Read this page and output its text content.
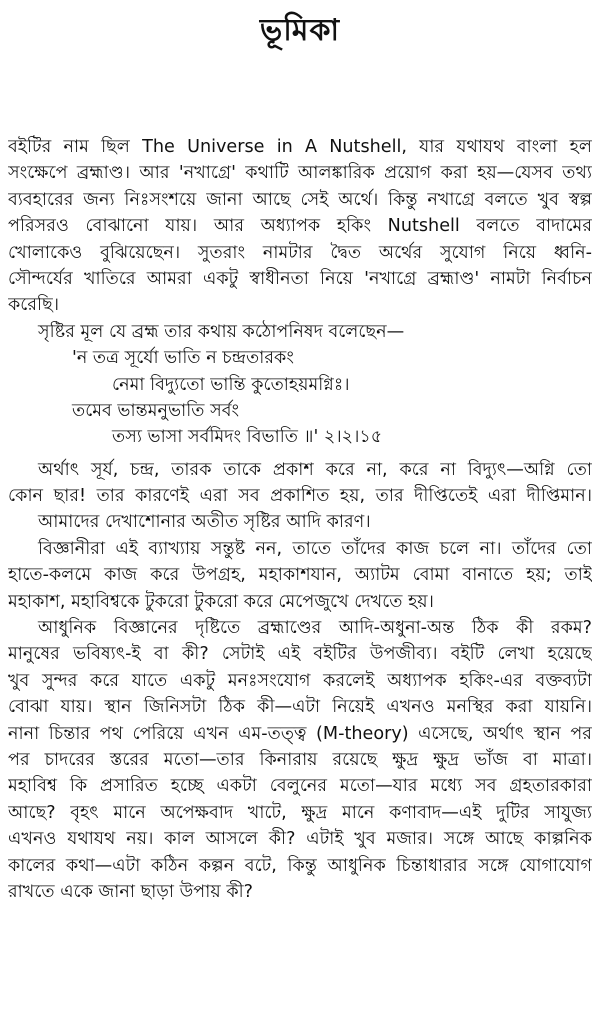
ভূমিকা
বইটির নাম ছিল The Universe in A Nutshell, যার যথাযথ বাংলা হল
সংক্ষেপে ব্রহ্মাণ্ড। আর 'নখাগ্রে' কথাটি আলঙ্কারিক প্রয়োগ করা হয়—যেসব তথ্য
ব্যবহারের জন্য নিঃসংশয়ে জানা আছে সেই অর্থে। কিন্তু নখাগ্রে বলতে খুব স্বল্প
পরিসরও বোঝানো যায়। আর অধ্যাপক হকিং Nutshell বলতে বাদামের
খোলাকেও বুঝিয়েছেন। সুতরাং নামটার দ্বৈত অর্থের সুযোগ নিয়ে ধ্বনি-
সৌন্দর্যের খাতিরে আমরা একটু স্বাধীনতা নিয়ে 'নখাগ্রে ব্রহ্মাণ্ড' নামটা নির্বাচন
করেছি।
সৃষ্টির মূল যে ব্রহ্ম তার কথায় কঠোপনিষদ বলেছেন—
'ন তত্র সূর্যো ভাতি ন চন্দ্রতারকং
নেমা বিদ্যুতো ভান্তি কুতোহয়মগ্নিঃ।
তমেব ভান্তমনুভাতি সর্বং
তস্য ভাসা সর্বমিদং বিভাতি ॥' ২।২।১৫
অর্থাৎ সূর্য, চন্দ্র, তারক তাকে প্রকাশ করে না, করে না বিদ্যুৎ—অগ্নি তো
কোন ছার! তার কারণেই এরা সব প্রকাশিত হয়, তার দীপ্তিতেই এরা দীপ্তিমান।
আমাদের দেখাশোনার অতীত সৃষ্টির আদি কারণ।
বিজ্ঞানীরা এই ব্যাখ্যায় সন্তুষ্ট নন, তাতে তাঁদের কাজ চলে না। তাঁদের তো
হাতে-কলমে কাজ করে উপগ্রহ, মহাকাশযান, অ্যাটম বোমা বানাতে হয়; তাই
মহাকাশ, মহাবিশ্বকে টুকরো টুকরো করে মেপেজুখে দেখতে হয়।
আধুনিক বিজ্ঞানের দৃষ্টিতে ব্রহ্মাণ্ডের আদি-অধুনা-অন্ত ঠিক কী রকম?
মানুষের ভবিষ্যৎ-ই বা কী? সেটাই এই বইটির উপজীব্য। বইটি লেখা হয়েছে
খুব সুন্দর করে যাতে একটু মনঃসংযোগ করলেই অধ্যাপক হকিং-এর বক্তব্যটা
বোঝা যায়। স্থান জিনিসটা ঠিক কী—এটা নিয়েই এখনও মনস্থির করা যায়নি।
নানা চিন্তার পথ পেরিয়ে এখন এম-তত্ত্ব (M-theory) এসেছে, অর্থাৎ স্থান পর
পর চাদরের স্তরের মতো—তার কিনারায় রয়েছে ক্ষুদ্র ক্ষুদ্র ভাঁজ বা মাত্রা।
মহাবিশ্ব কি প্রসারিত হচ্ছে একটা বেলুনের মতো—যার মধ্যে সব গ্রহতারকারা
আছে? বৃহৎ মানে অপেক্ষবাদ খাটে, ক্ষুদ্র মানে কণাবাদ—এই দুটির সাযুজ্য
এখনও যথাযথ নয়। কাল আসলে কী? এটাই খুব মজার। সঙ্গে আছে কাল্পনিক
কালের কথা—এটা কঠিন কল্পন বটে, কিন্তু আধুনিক চিন্তাধারার সঙ্গে যোগাযোগ
রাখতে একে জানা ছাড়া উপায় কী?
